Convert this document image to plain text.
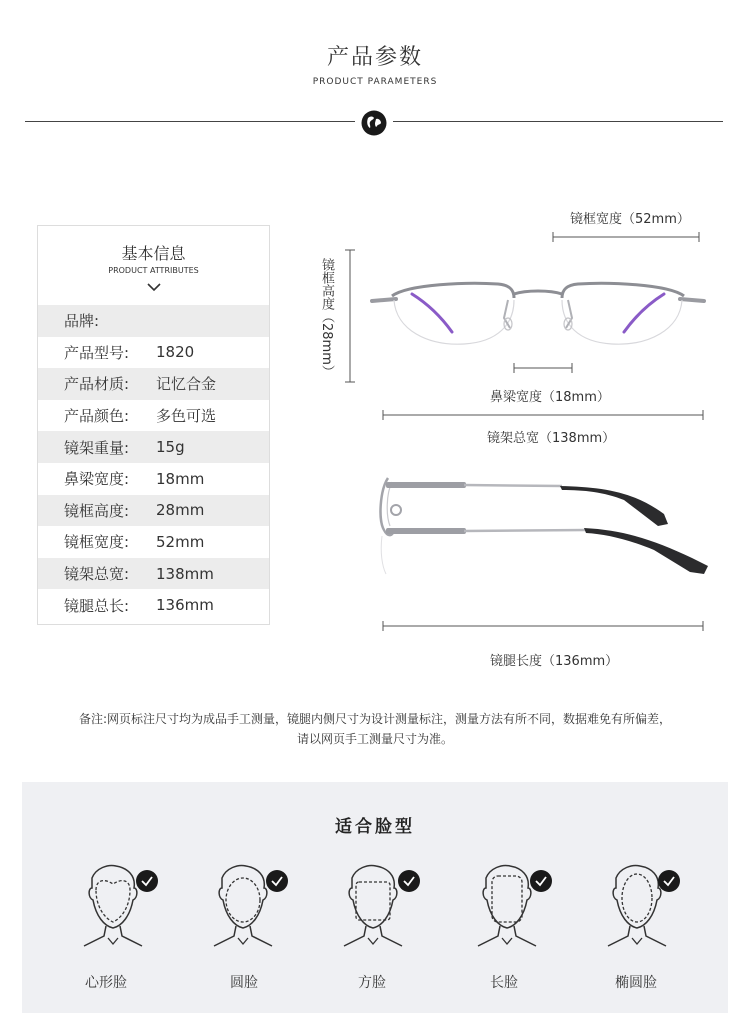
产品参数
PRODUCT PARAMETERS
基本信息
PRODUCT ATTRIBUTES
品牌:
产品型号:	1820
产品材质:	记忆合金
产品颜色:	多色可选
镜架重量:	15g
鼻梁宽度:	18mm
镜框高度:	28mm
镜框宽度:	52mm
镜架总宽:	138mm
镜腿总长:	136mm
镜框宽度（52mm）
镜框高度（28mm）
鼻梁宽度（18mm）
镜架总宽（138mm）
镜腿长度（136mm）
备注:网页标注尺寸均为成品手工测量，镜腿内侧尺寸为设计测量标注，测量方法有所不同，数据难免有所偏差，
请以网页手工测量尺寸为准。
适合脸型
心形脸	圆脸	方脸	长脸	椭圆脸
